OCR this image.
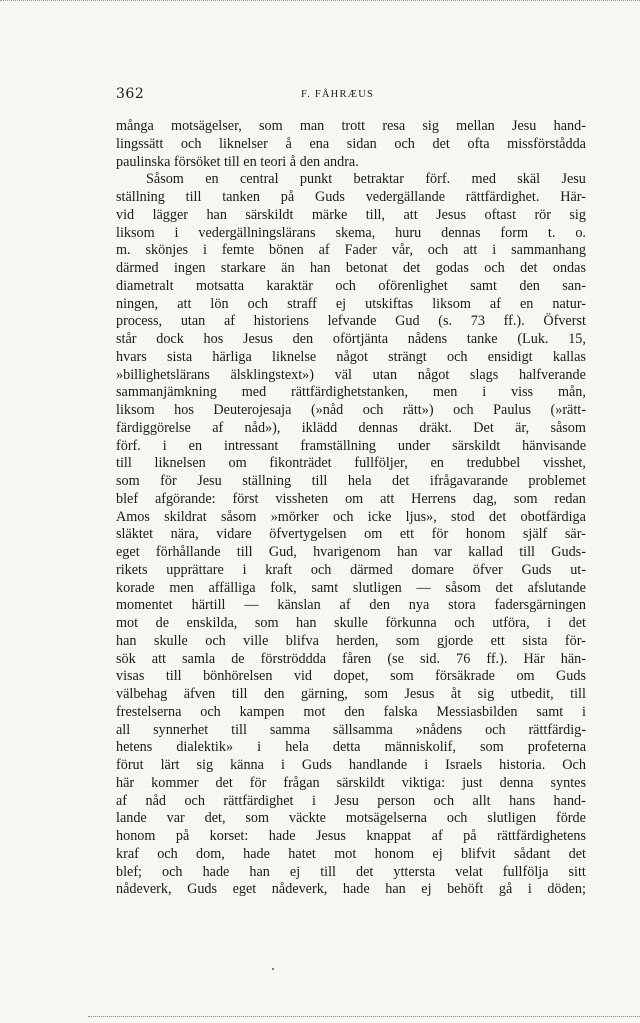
362	F. FÅHRÆUS
många motsägelser, som man trott resa sig mellan Jesu hand-
lingssätt och liknelser å ena sidan och det ofta missförstådda
paulinska försöket till en teori å den andra.
Såsom en central punkt betraktar förf. med skäl Jesu
ställning till tanken på Guds vedergällande rättfärdighet. Här-
vid lägger han särskildt märke till, att Jesus oftast rör sig
liksom i vedergällningslärans skema, huru dennas form t. o.
m. skönjes i femte bönen af Fader vår, och att i sammanhang
därmed ingen starkare än han betonat det godas och det ondas
diametralt motsatta karaktär och oförenlighet samt den san-
ningen, att lön och straff ej utskiftas liksom af en natur-
process, utan af historiens lefvande Gud (s. 73 ff.). Öfverst
står dock hos Jesus den oförtjänta nådens tanke (Luk. 15,
hvars sista härliga liknelse något strängt och ensidigt kallas
»billighetslärans älsklingstext») väl utan något slags halfverande
sammanjämkning med rättfärdighetstanken, men i viss mån,
liksom hos Deuterojesaja (»nåd och rätt») och Paulus (»rätt-
färdiggörelse af nåd»), iklädd dennas dräkt. Det är, såsom
förf. i en intressant framställning under särskildt hänvisande
till liknelsen om fikonträdet fullföljer, en tredubbel visshet,
som för Jesu ställning till hela det ifrågavarande problemet
blef afgörande: först vissheten om att Herrens dag, som redan
Amos skildrat såsom »mörker och icke ljus», stod det obotfärdiga
släktet nära, vidare öfvertygelsen om ett för honom själf sär-
eget förhållande till Gud, hvarigenom han var kallad till Guds-
rikets upprättare i kraft och därmed domare öfver Guds ut-
korade men affälliga folk, samt slutligen — såsom det afslutande
momentet härtill — känslan af den nya stora fadersgärningen
mot de enskilda, som han skulle förkunna och utföra, i det
han skulle och ville blifva herden, som gjorde ett sista för-
sök att samla de förströddda fåren (se sid. 76 ff.). Här hän-
visas till bönhörelsen vid dopet, som försäkrade om Guds
välbehag äfven till den gärning, som Jesus åt sig utbedit, till
frestelserna och kampen mot den falska Messiasbilden samt i
all synnerhet till samma sällsamma »nådens och rättfärdig-
hetens dialektik» i hela detta människolif, som profeterna
förut lärt sig känna i Guds handlande i Israels historia. Och
här kommer det för frågan särskildt viktiga: just denna syntes
af nåd och rättfärdighet i Jesu person och allt hans hand-
lande var det, som väckte motsägelserna och slutligen förde
honom på korset: hade Jesus knappat af på rättfärdighetens
kraf och dom, hade hatet mot honom ej blifvit sådant det
blef; och hade han ej till det yttersta velat fullfölja sitt
nådeverk, Guds eget nådeverk, hade han ej behöft gå i döden;
